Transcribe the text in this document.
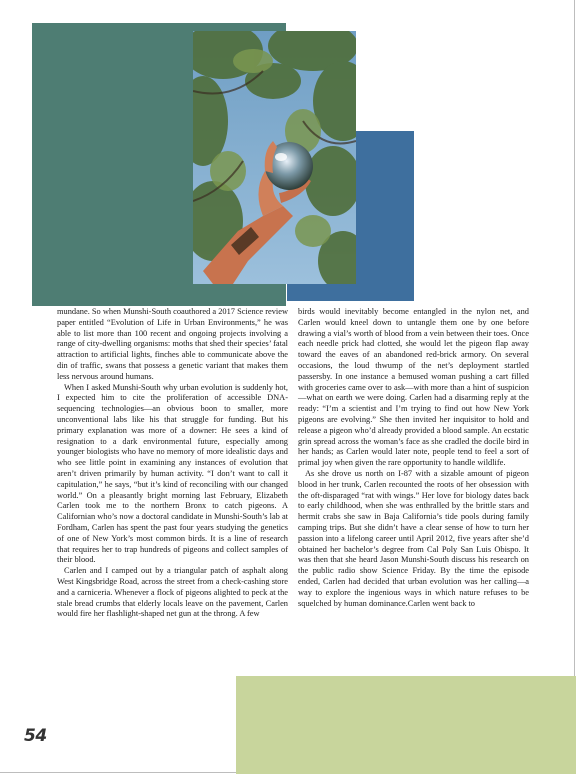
mundane. So when Munshi-South coauthored a 2017 Science review paper entitled “Evolution of Life in Urban Environments,” he was able to list more than 100 recent and ongoing projects involving a range of city-dwelling organisms: moths that shed their species’ fatal attraction to artificial lights, finches able to communicate above the din of traffic, swans that possess a genetic variant that makes them less nervous around humans.

When I asked Munshi-South why urban evolution is suddenly hot, I expected him to cite the proliferation of accessible DNA-sequencing technologies—an obvious boon to smaller, more unconventional labs like his that struggle for funding. But his primary explanation was more of a downer: He sees a kind of resignation to a dark environmental future, especially among younger biologists who have no memory of more idealistic days and who see little point in examining any instances of evolution that aren’t driven primarily by human activity. “I don’t want to call it capitulation,” he says, “but it’s kind of reconciling with our changed world.” On a pleasantly bright morning last February, Elizabeth Carlen took me to the northern Bronx to catch pigeons. A Californian who’s now a doctoral candidate in Munshi-South’s lab at Fordham, Carlen has spent the past four years studying the genetics of one of New York’s most common birds. It is a line of research that requires her to trap hundreds of pigeons and collect samples of their blood.

Carlen and I camped out by a triangular patch of asphalt along West Kingsbridge Road, across the street from a check-cashing store and a carniceria. Whenever a flock of pigeons alighted to peck at the stale bread crumbs that elderly locals leave on the pavement, Carlen would fire her flashlight-shaped net gun at the throng. A few

birds would inevitably become entangled in the nylon net, and Carlen would kneel down to untangle them one by one before drawing a vial’s worth of blood from a vein between their toes. Once each needle prick had clotted, she would let the pigeon flap away toward the eaves of an abandoned red-brick armory. On several occasions, the loud thwump of the net’s deployment startled passersby. In one instance a bemused woman pushing a cart filled with groceries came over to ask—with more than a hint of suspicion—what on earth we were doing. Carlen had a disarming reply at the ready: “I’m a scientist and I’m trying to find out how New York pigeons are evolving.” She then invited her inquisitor to hold and release a pigeon who’d already provided a blood sample. An ecstatic grin spread across the woman’s face as she cradled the docile bird in her hands; as Carlen would later note, people tend to feel a sort of primal joy when given the rare opportunity to handle wildlife.

As she drove us north on I-87 with a sizable amount of pigeon blood in her trunk, Carlen recounted the roots of her obsession with the oft-disparaged “rat with wings.” Her love for biology dates back to early childhood, when she was enthralled by the brittle stars and hermit crabs she saw in Baja California’s tide pools during family camping trips. But she didn’t have a clear sense of how to turn her passion into a lifelong career until April 2012, five years after she’d obtained her bachelor’s degree from Cal Poly San Luis Obispo. It was then that she heard Jason Munshi-South discuss his research on the public radio show Science Friday. By the time the episode ended, Carlen had decided that urban evolution was her calling—a way to explore the ingenious ways in which nature refuses to be squelched by human dominance.Carlen went back to

54
